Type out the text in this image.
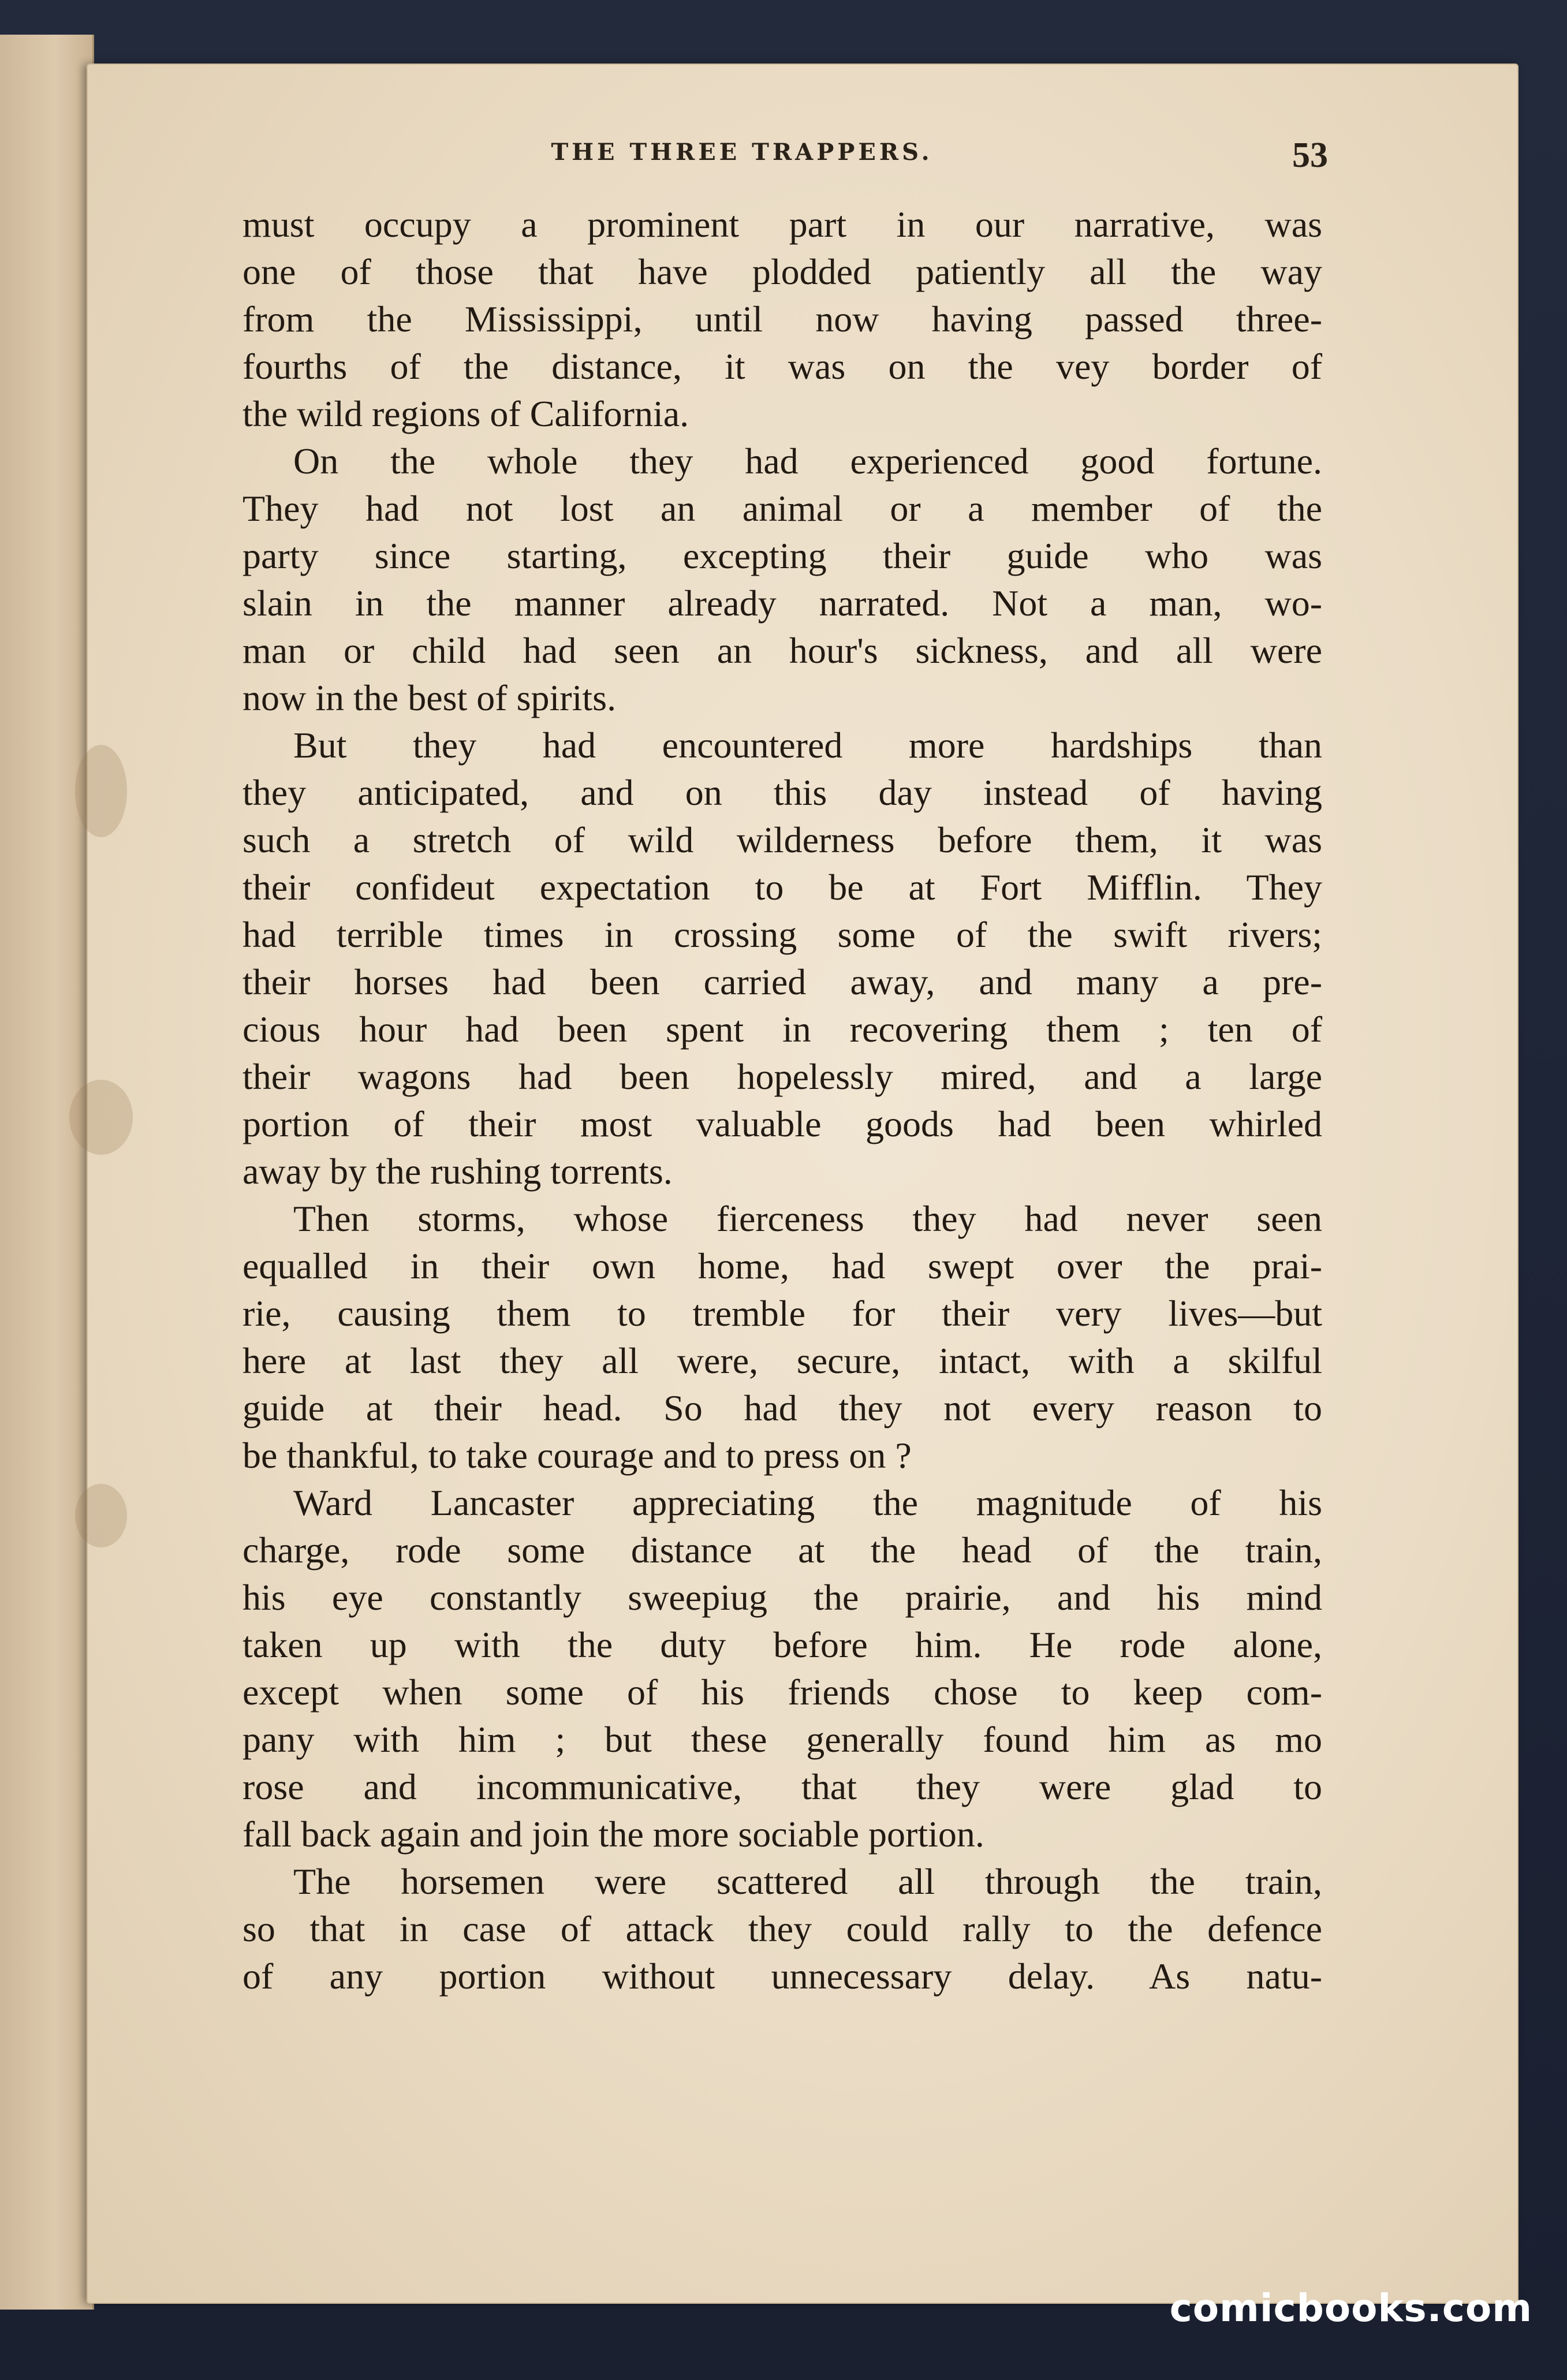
THE THREE TRAPPERS.	53
must occupy a prominent part in our narrative, was
one of those that have plodded patiently all the way
from the Mississippi, until now having passed three-
fourths of the distance, it was on the vey border of
the wild regions of California.
On the whole they had experienced good fortune.
They had not lost an animal or a member of the
party since starting, excepting their guide who was
slain in the manner already narrated. Not a man, wo-
man or child had seen an hour's sickness, and all were
now in the best of spirits.
But they had encountered more hardships than
they anticipated, and on this day instead of having
such a stretch of wild wilderness before them, it was
their confideut expectation to be at Fort Mifflin. They
had terrible times in crossing some of the swift rivers;
their horses had been carried away, and many a pre-
cious hour had been spent in recovering them ; ten of
their wagons had been hopelessly mired, and a large
portion of their most valuable goods had been whirled
away by the rushing torrents.
Then storms, whose fierceness they had never seen
equalled in their own home, had swept over the prai-
rie, causing them to tremble for their very lives—but
here at last they all were, secure, intact, with a skilful
guide at their head. So had they not every reason to
be thankful, to take courage and to press on ?
Ward Lancaster appreciating the magnitude of his
charge, rode some distance at the head of the train,
his eye constantly sweepiug the prairie, and his mind
taken up with the duty before him. He rode alone,
except when some of his friends chose to keep com-
pany with him ; but these generally found him as mo
rose and incommunicative, that they were glad to
fall back again and join the more sociable portion.
The horsemen were scattered all through the train,
so that in case of attack they could rally to the defence
of any portion without unnecessary delay. As natu-
comicbooks.com
